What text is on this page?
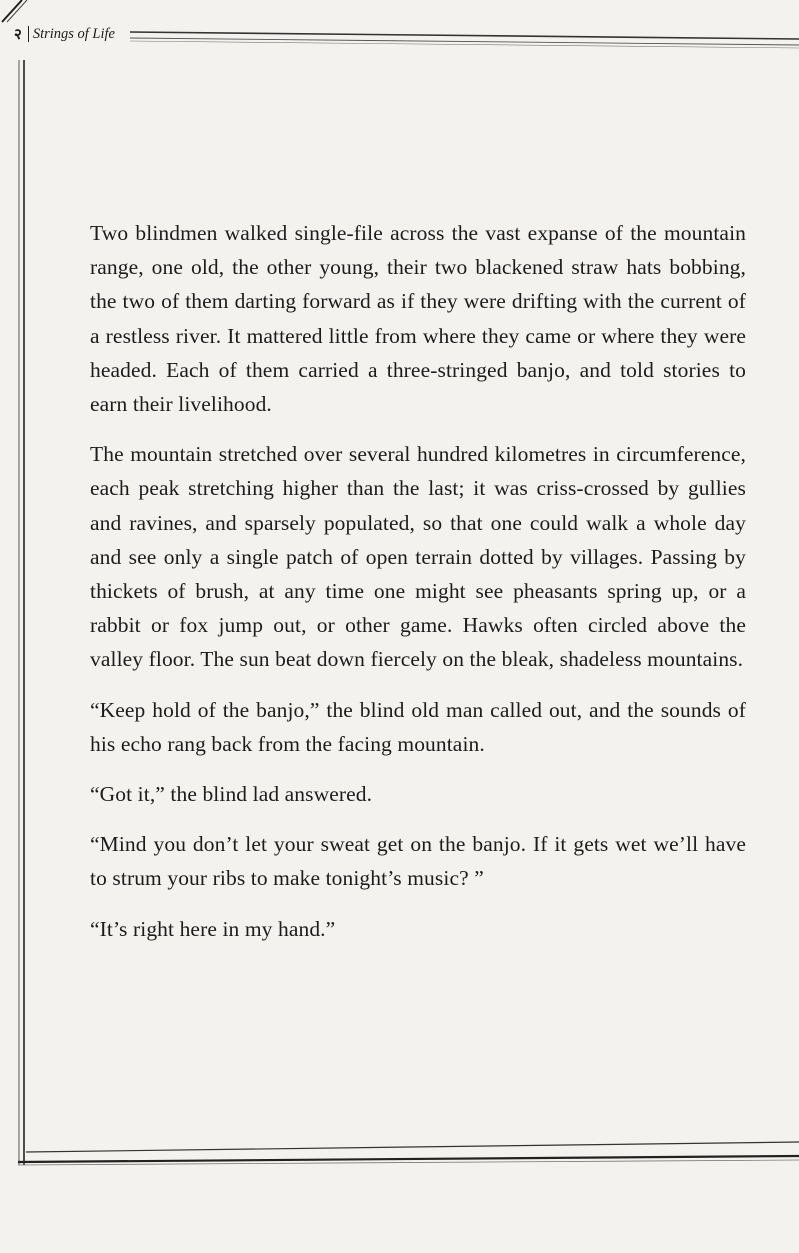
२ Strings of Life

Two blindmen walked single-file across the vast expanse of the mountain range, one old, the other young, their two blackened straw hats bobbing, the two of them darting forward as if they were drifting with the current of a restless river. It mattered little from where they came or where they were headed. Each of them carried a three-stringed banjo, and told stories to earn their livelihood.

The mountain stretched over several hundred kilometres in circumference, each peak stretching higher than the last; it was criss-crossed by gullies and ravines, and sparsely populated, so that one could walk a whole day and see only a single patch of open terrain dotted by villages. Passing by thickets of brush, at any time one might see pheasants spring up, or a rabbit or fox jump out, or other game. Hawks often circled above the valley floor. The sun beat down fiercely on the bleak, shadeless mountains.

“Keep hold of the banjo,” the blind old man called out, and the sounds of his echo rang back from the facing mountain.

“Got it,” the blind lad answered.

“Mind you don’t let your sweat get on the banjo. If it gets wet we’ll have to strum your ribs to make tonight’s music? ”

“It’s right here in my hand.”
